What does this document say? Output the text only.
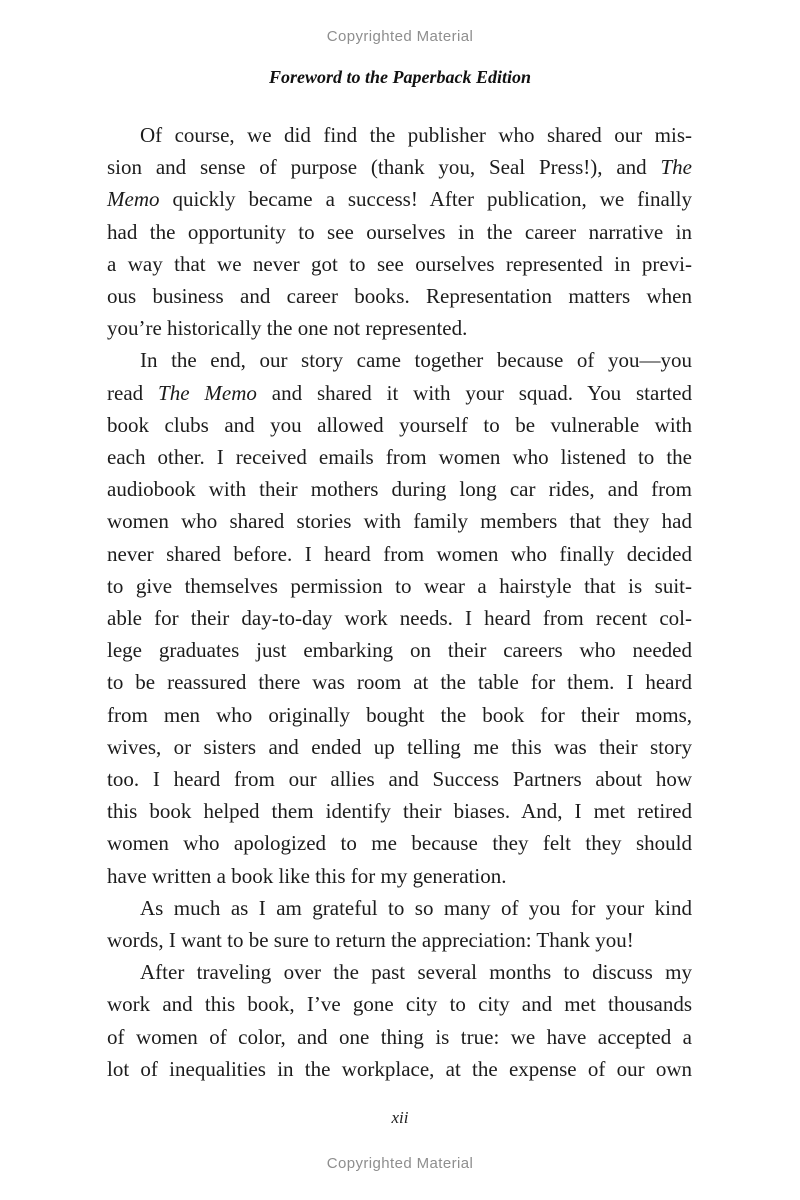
Copyrighted Material
Foreword to the Paperback Edition
Of course, we did find the publisher who shared our mis-
sion and sense of purpose (thank you, Seal Press!), and The
Memo quickly became a success! After publication, we finally
had the opportunity to see ourselves in the career narrative in
a way that we never got to see ourselves represented in previ-
ous business and career books. Representation matters when
you’re historically the one not represented.
In the end, our story came together because of you—you
read The Memo and shared it with your squad. You started
book clubs and you allowed yourself to be vulnerable with
each other. I received emails from women who listened to the
audiobook with their mothers during long car rides, and from
women who shared stories with family members that they had
never shared before. I heard from women who finally decided
to give themselves permission to wear a hairstyle that is suit-
able for their day-to-day work needs. I heard from recent col-
lege graduates just embarking on their careers who needed
to be reassured there was room at the table for them. I heard
from men who originally bought the book for their moms,
wives, or sisters and ended up telling me this was their story
too. I heard from our allies and Success Partners about how
this book helped them identify their biases. And, I met retired
women who apologized to me because they felt they should
have written a book like this for my generation.
As much as I am grateful to so many of you for your kind
words, I want to be sure to return the appreciation: Thank you!
After traveling over the past several months to discuss my
work and this book, I’ve gone city to city and met thousands
of women of color, and one thing is true: we have accepted a
lot of inequalities in the workplace, at the expense of our own
xii
Copyrighted Material
